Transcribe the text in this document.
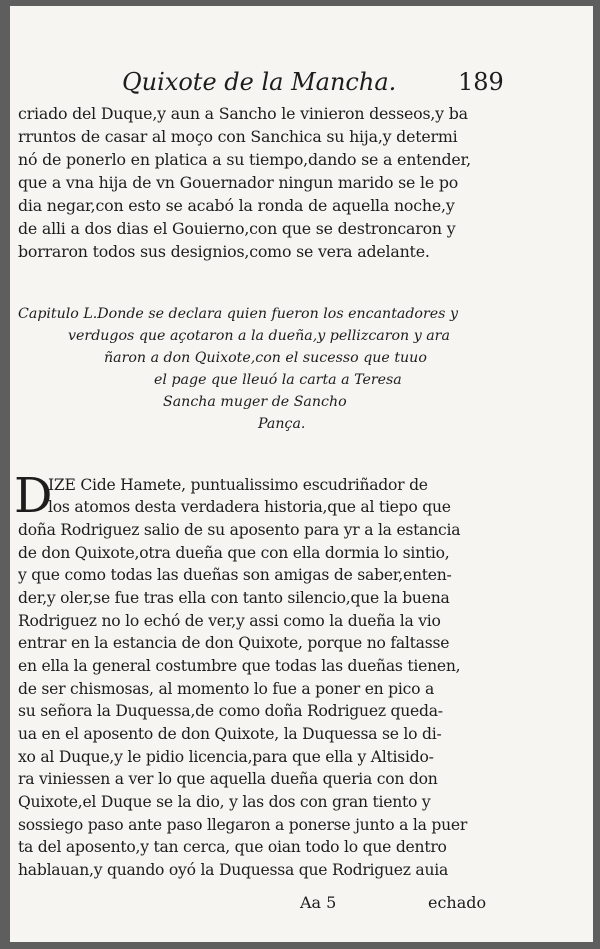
Quixote de la Mancha.	189
criado del Duque,y aun a Sancho le vinieron desseos,y ba
rruntos de casar al moço con Sanchica su hija,y determi
nó de ponerlo en platica a su tiempo,dando se a entender,
que a vna hija de vn Gouernador ningun marido se le po
dia negar,con esto se acabó la ronda de aquella noche,y
de alli a dos dias el Gouierno,con que se destroncaron y
borraron todos sus designios,como se vera adelante.
Capitulo L.Donde se declara quien fueron los encantadores y
verdugos que açotaron a la dueña,y pellizcaron y ara
ñaron a don Quixote,con el sucesso que tuuo
el page que lleuó la carta a Teresa
Sancha muger de Sancho
Pança.
D
IZE Cide Hamete, puntualissimo escudriñador de
los atomos desta verdadera historia,que al tiepo que
doña Rodriguez salio de su aposento para yr a la estancia
de don Quixote,otra dueña que con ella dormia lo sintio,
y que como todas las dueñas son amigas de saber,enten-
der,y oler,se fue tras ella con tanto silencio,que la buena
Rodriguez no lo echó de ver,y assi como la dueña la vio
entrar en la estancia de don Quixote, porque no faltasse
en ella la general costumbre que todas las dueñas tienen,
de ser chismosas, al momento lo fue a poner en pico a
su señora la Duquessa,de como doña Rodriguez queda-
ua en el aposento de don Quixote, la Duquessa se lo di-
xo al Duque,y le pidio licencia,para que ella y Altisido-
ra viniessen a ver lo que aquella dueña queria con don
Quixote,el Duque se la dio, y las dos con gran tiento y
sossiego paso ante paso llegaron a ponerse junto a la puer
ta del aposento,y tan cerca, que oian todo lo que dentro
hablauan,y quando oyó la Duquessa que Rodriguez auia
Aa 5	echado
